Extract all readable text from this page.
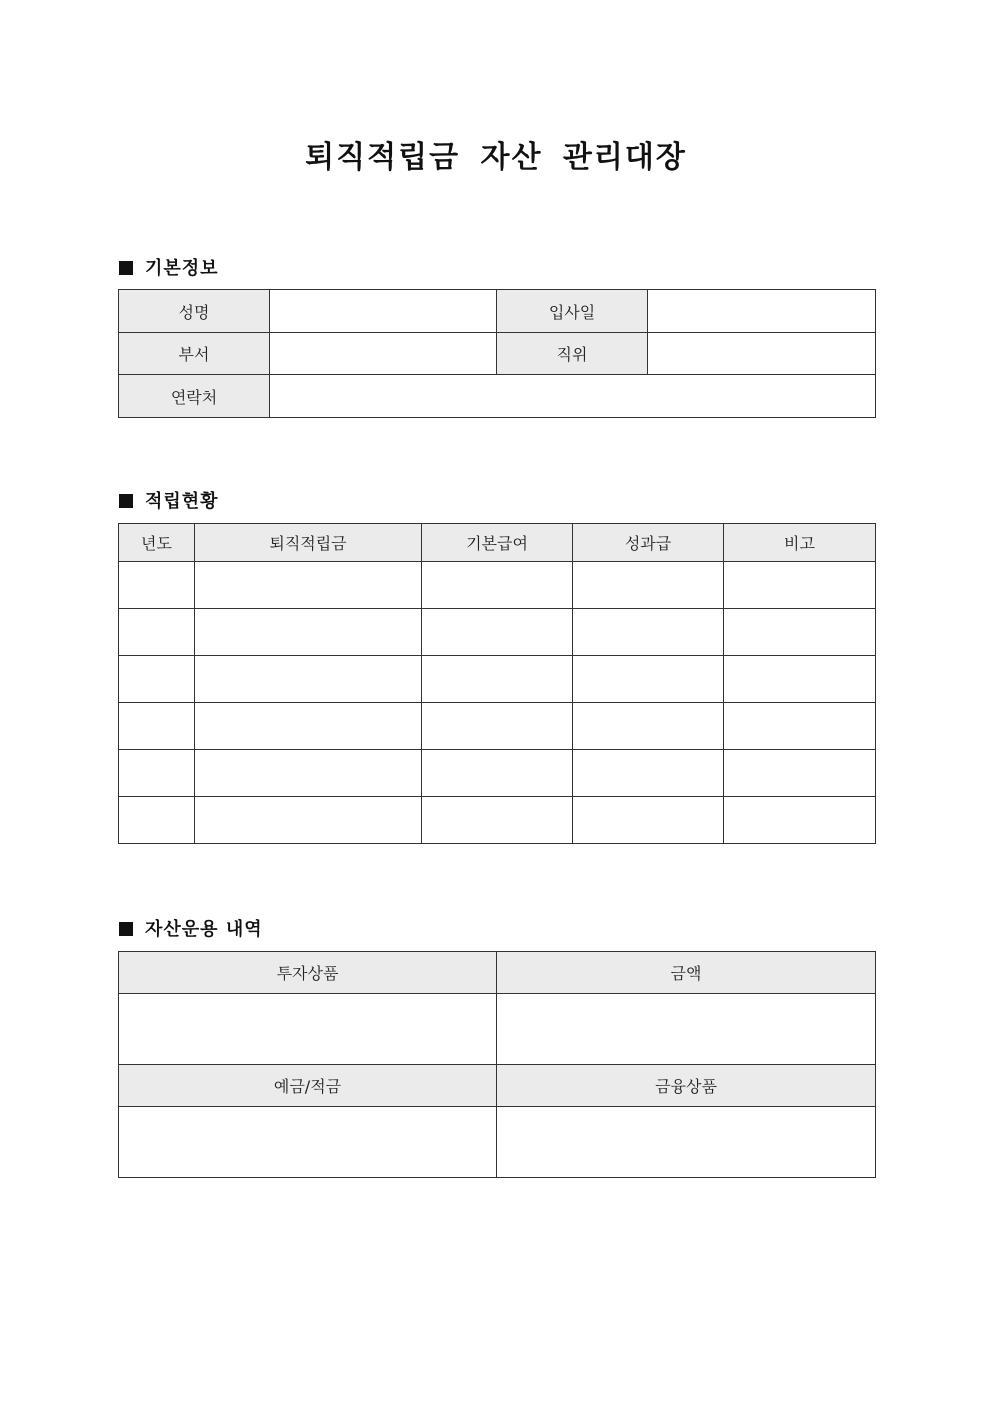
퇴직적립금 자산 관리대장
기본정보
성명		입사일	
부서		직위	
연락처			
적립현황
년도	퇴직적립금	기본급여	성과급	비고

자산운용 내역
투자상품	금액

예금/적금	금융상품
